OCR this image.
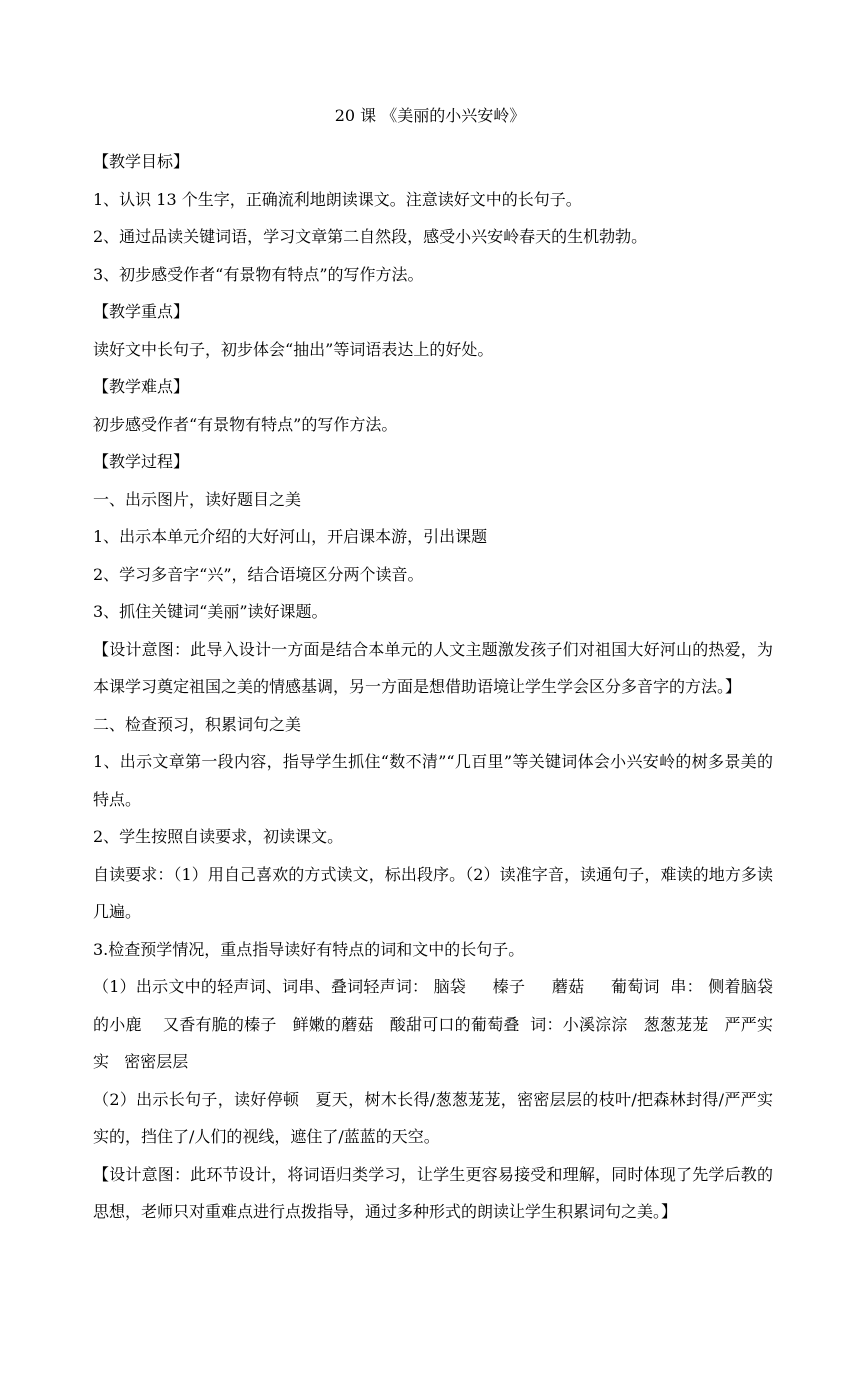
20 课 《美丽的小兴安岭》

【教学目标】

1、认识 13 个生字，正确流利地朗读课文。注意读好文中的长句子。

2、通过品读关键词语，学习文章第二自然段，感受小兴安岭春天的生机勃勃。

3、初步感受作者“有景物有特点”的写作方法。

【教学重点】

读好文中长句子，初步体会“抽出”等词语表达上的好处。

【教学难点】

初步感受作者“有景物有特点”的写作方法。

【教学过程】

一、出示图片，读好题目之美

1、出示本单元介绍的大好河山，开启课本游，引出课题

2、学习多音字“兴”，结合语境区分两个读音。

3、抓住关键词“美丽”读好课题。

【设计意图：此导入设计一方面是结合本单元的人文主题激发孩子们对祖国大好河山的热爱，为本课学习奠定祖国之美的情感基调，另一方面是想借助语境让学生学会区分多音字的方法。】

二、检查预习，积累词句之美

1、出示文章第一段内容，指导学生抓住“数不清”“几百里”等关键词体会小兴安岭的树多景美的特点。

2、学生按照自读要求，初读课文。

自读要求：（1）用自己喜欢的方式读文，标出段序。（2）读准字音，读通句子，难读的地方多读几遍。

3.检查预学情况，重点指导读好有特点的词和文中的长句子。

（1）出示文中的轻声词、词串、叠词轻声词： 脑袋     榛子     蘑菇     葡萄词  串： 侧着脑袋的小鹿    又香有脆的榛子   鲜嫩的蘑菇   酸甜可口的葡萄叠  词：小溪淙淙   葱葱茏茏   严严实实   密密层层

（2）出示长句子，读好停顿   夏天，树木长得/葱葱茏茏，密密层层的枝叶/把森林封得/严严实实的，挡住了/人们的视线，遮住了/蓝蓝的天空。

【设计意图：此环节设计，将词语归类学习，让学生更容易接受和理解，同时体现了先学后教的思想，老师只对重难点进行点拨指导，通过多种形式的朗读让学生积累词句之美。】
